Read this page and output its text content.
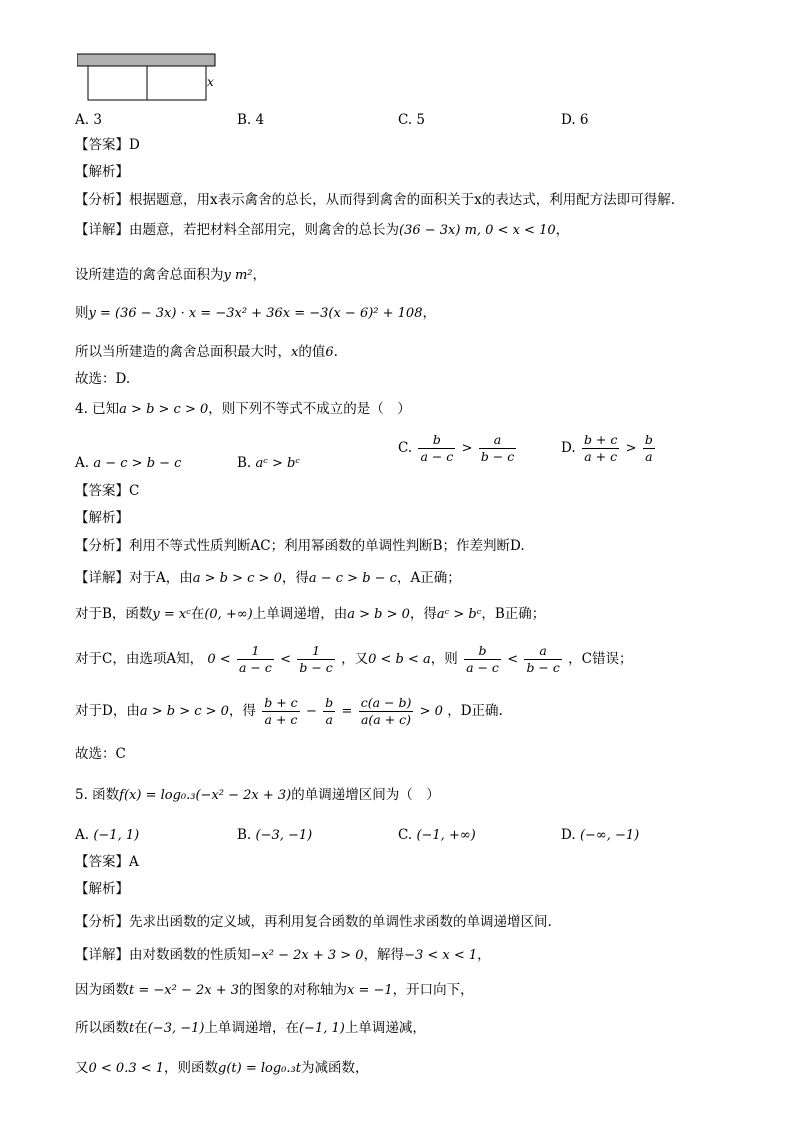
x
A. 3	B. 4	C. 5	D. 6
【答案】D
【解析】
【分析】根据题意，用x表示禽舍的总长，从而得到禽舍的面积关于x的表达式，利用配方法即可得解.
【详解】由题意，若把材料全部用完，则禽舍的总长为(36 − 3x) m, 0 < x < 10，
设所建造的禽舍总面积为y m²，
则y = (36 − 3x) · x = −3x² + 36x = −3(x − 6)² + 108，
所以当所建造的禽舍总面积最大时，x的值6.
故选：D.
4. 已知a > b > c > 0，则下列不等式不成立的是（　）
A. a − c > b − c	B. aᶜ > bᶜ
C. $\frac{b}{a - c} > \frac{a}{b - c}$	D. $\frac{b + c}{a + c} > \frac{b}{a}$
【答案】C
【解析】
【分析】利用不等式性质判断AC；利用幂函数的单调性判断B；作差判断D.
【详解】对于A，由a > b > c > 0，得a − c > b − c，A正确；
对于B，函数y = xᶜ在(0, +∞)上单调递增，由a > b > 0，得aᶜ > bᶜ，B正确；
对于C，由选项A知， $0 < \frac{1}{a - c} < \frac{1}{b - c}$ ，又0 < b < a，则 $\frac{b}{a - c} < \frac{a}{b - c}$ ，C错误；
对于D，由a > b > c > 0，得 $\frac{b + c}{a + c} - \frac{b}{a} = \frac{c(a - b)}{a(a + c)} > 0$ ，D正确.
故选：C
5. 函数f(x) = log₀.₃(−x² − 2x + 3)的单调递增区间为（　）
A. (−1, 1)	B. (−3, −1)	C. (−1, +∞)	D. (−∞, −1)
【答案】A
【解析】
【分析】先求出函数的定义域，再利用复合函数的单调性求函数的单调递增区间.
【详解】由对数函数的性质知−x² − 2x + 3 > 0，解得−3 < x < 1，
因为函数t = −x² − 2x + 3的图象的对称轴为x = −1，开口向下，
所以函数t在(−3, −1)上单调递增，在(−1, 1)上单调递减，
又0 < 0.3 < 1，则函数g(t) = log₀.₃t为减函数，
